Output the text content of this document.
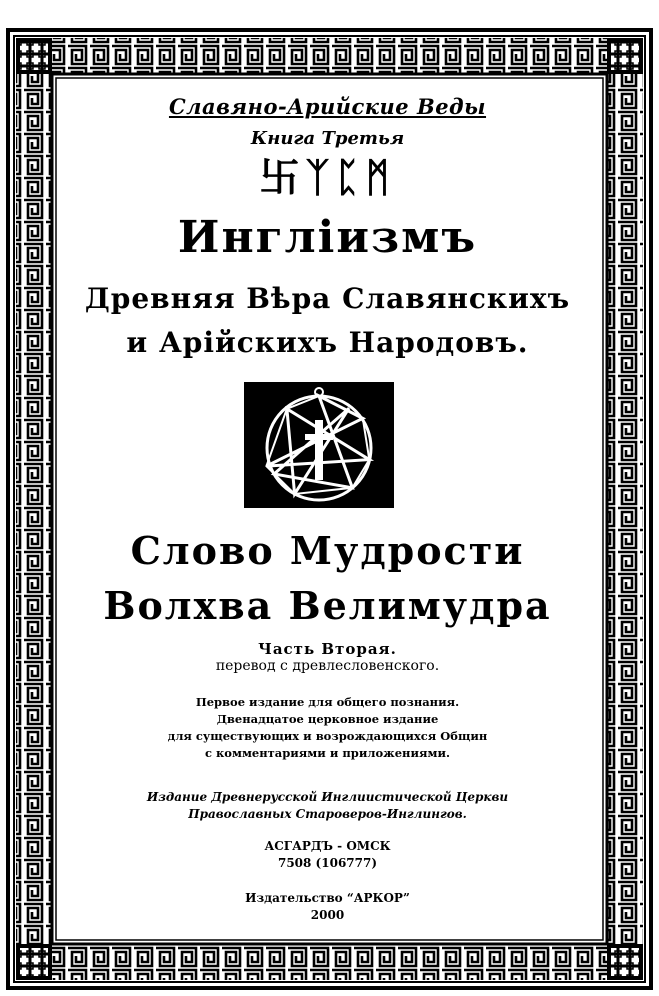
Славяно-Арийские Веды
Книга Третья
卐ᛉᛈᛗ
Инглiизмъ
Древняя Вѣра Славянскихъ
и Арiйскихъ Народовъ.
Слово Мудрости
Волхва Велимудра
Часть Вторая.
перевод с древлесловенского.
Первое издание для общего познания.
Двенадцатое церковное издание
для существующих и возрождающихся Общин
с комментариями и приложениями.
Издание Древнерусской Инглиистической Церкви
Православных Староверов-Инглингов.
АСГАРДЪ - ОМСК
7508 (106777)
Издательство “АРКОР”
2000
